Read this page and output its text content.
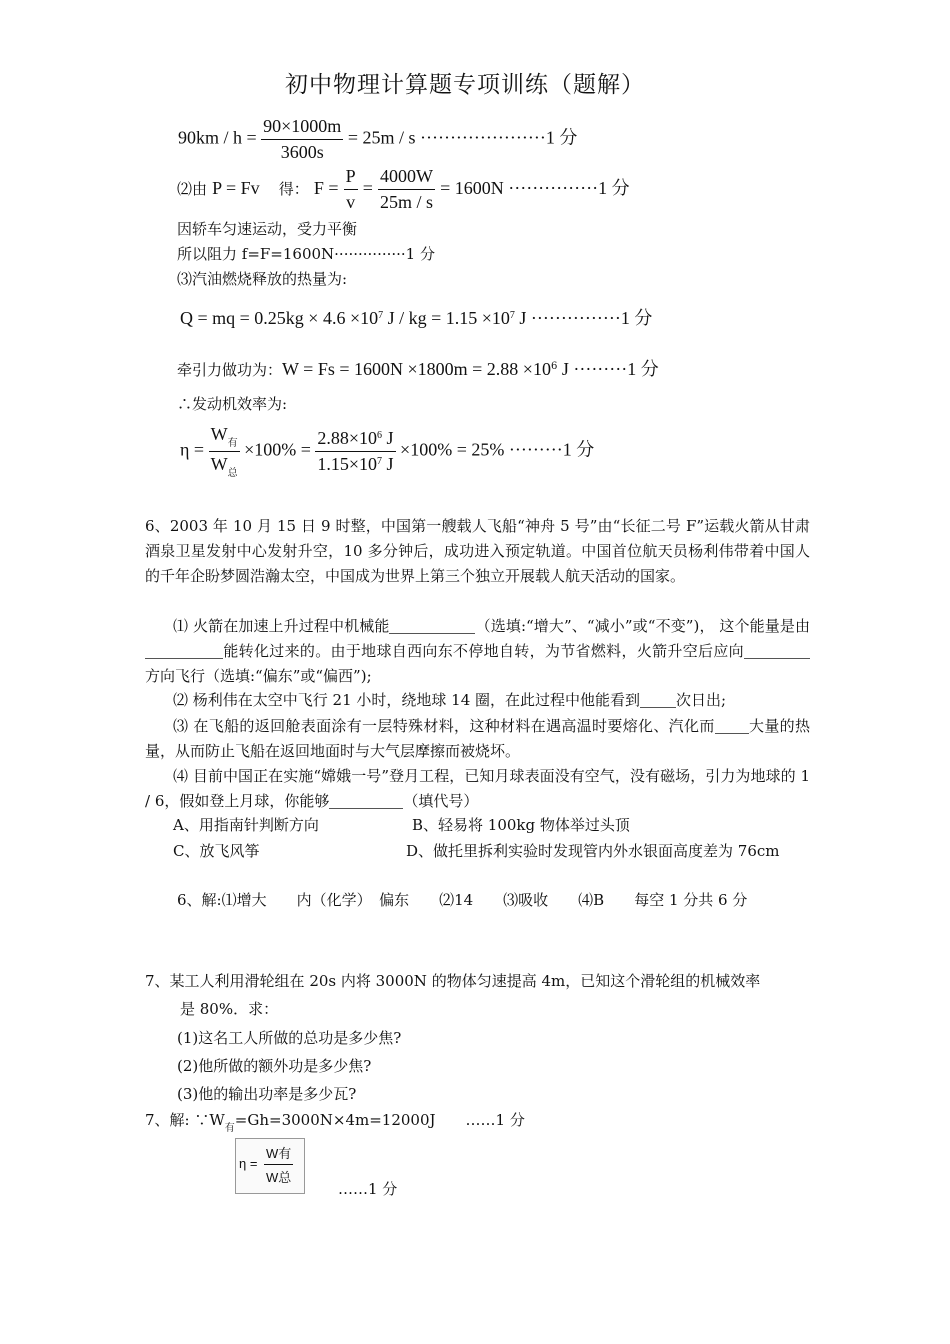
初中物理计算题专项训练（题解）
$90km / h = \frac{90\times 1000m}{3600s} = 25m / s \cdot\cdot\cdot\cdot\cdot\cdot\cdot\cdot\cdot\cdot\cdot\cdot\cdot\cdot\cdot\cdot\cdot\cdot\cdot\cdot\cdot 1$ 分
⑵由 P = Fv 得： $F = \frac{P}{v} = \frac{4000W}{25m / s} = 1600N \cdot\cdot\cdot\cdot\cdot\cdot\cdot\cdot\cdot\cdot\cdot\cdot\cdot\cdot\cdot 1$ 分
因轿车匀速运动，受力平衡
所以阻力 f=F=1600N···············1 分
⑶汽油燃烧释放的热量为:
Q = mq = $0.25kg \times 4.6 \times 10^7$ J / kg = $1.15 \times 10^7$ J ···············1 分
牵引力做功为：$W = Fs = 1600N \times 1800m = 2.88 \times 10^6$ J ·········1 分
∴发动机效率为:
$\eta = \frac{W_有}{W_总} \times 100\% = \frac{2.88\times 10^6 J}{1.15\times 10^7 J} \times 100\% = 25\% \cdot\cdot\cdot\cdot\cdot\cdot\cdot\cdot\cdot 1$ 分
6、2003 年 10 月 15 日 9 时整，中国第一艘载人飞船“神舟 5 号”由“长征二号 F”运载火箭从甘肃酒泉卫星发射中心发射升空，10 多分钟后，成功进入预定轨道。中国首位航天员杨利伟带着中国人的千年企盼梦圆浩瀚太空，中国成为世界上第三个独立开展载人航天活动的国家。
⑴ 火箭在加速上升过程中机械能	（选填:“增大”、“减小”或“不变”)， 这个能量是由能转化过来的。由于地球自西向东不停地自转，为节省燃料，火箭升空后应向方向飞行（选填:“偏东”或“偏西”);
⑵ 杨利伟在太空中飞行 21 小时，绕地球 14 圈，在此过程中他能看到 次日出;
⑶ 在飞船的返回舱表面涂有一层特殊材料，这种材料在遇高温时要熔化、汽化而 大量的热量，从而防止飞船在返回地面时与大气层摩擦而被烧坏。
⑷ 目前中国正在实施“嫦娥一号”登月工程，已知月球表面没有空气，没有磁场，引力为地球的 1 / 6，假如登上月球，你能够	（填代号）
A、用指南针判断方向	B、轻易将 100kg 物体举过头顶
C、放飞风筝	D、做托里拆利实验时发现管内外水银面高度差为 76cm
6、解:⑴增大　　内（化学）　偏东　　⑵14　　⑶吸收　　⑷B　　每空 1 分共 6 分
7、某工人利用滑轮组在 20s 内将 3000N 的物体匀速提高 4m，已知这个滑轮组的机械效率
是 80%．求：
(1)这名工人所做的总功是多少焦?
(2)他所做的额外功是多少焦?
(3)他的输出功率是多少瓦?
7、解: $\because W_有=Gh=3000N\times 4m=12000J$　　……1 分
η =
W有
W总
……1 分
